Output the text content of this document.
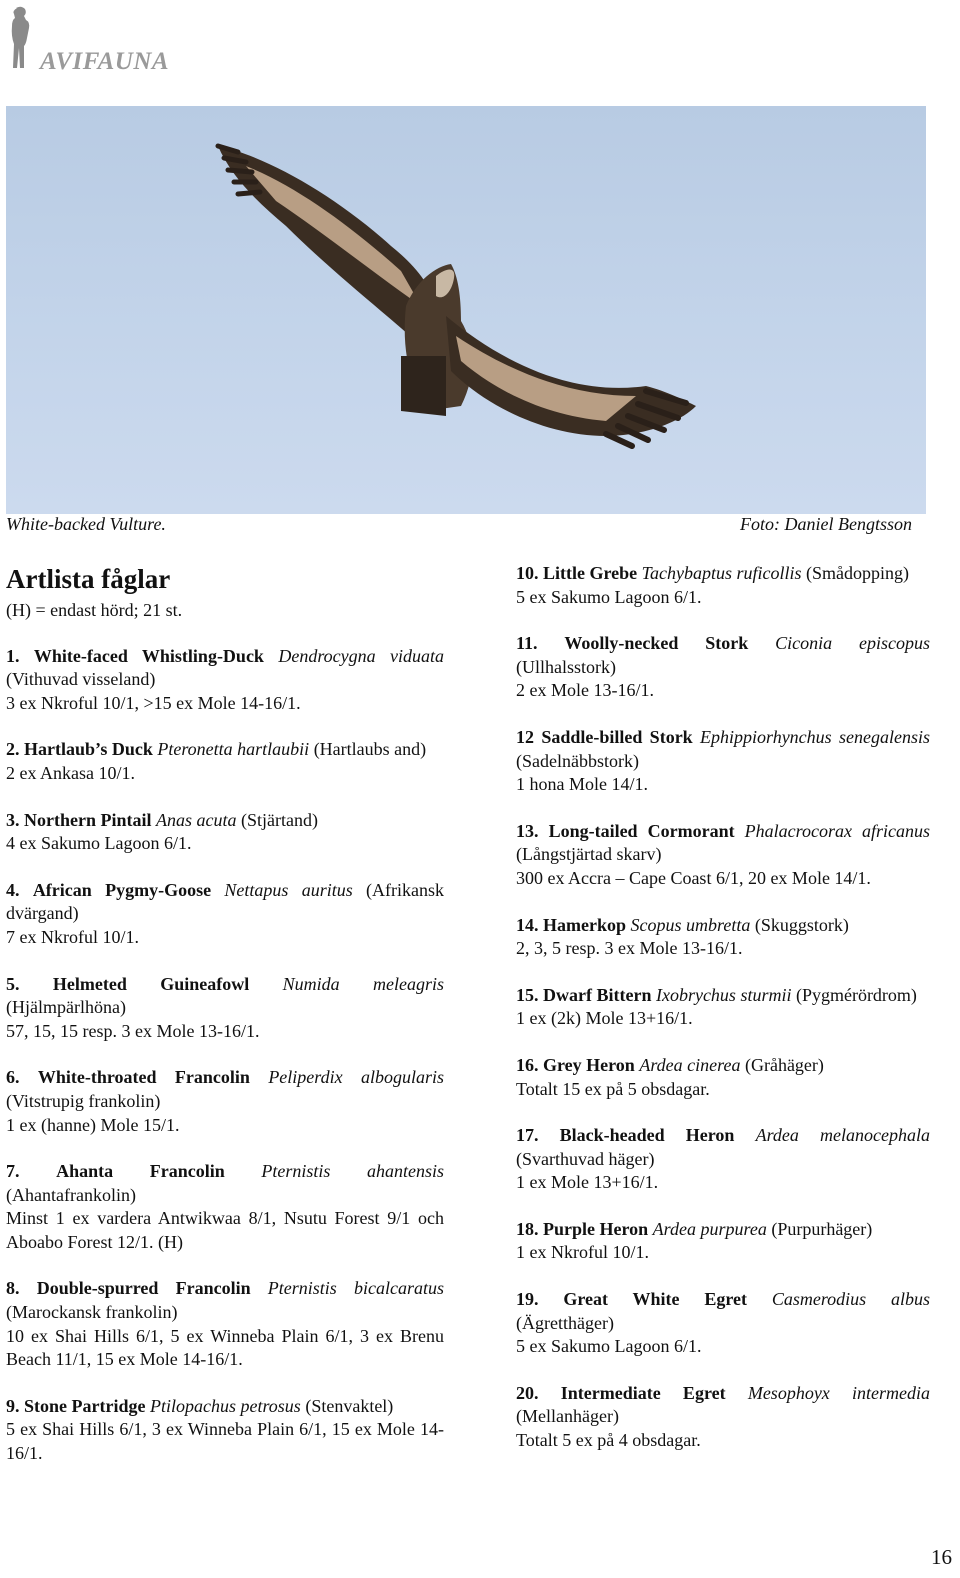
AVIFAUNA
White-backed Vulture.	Foto: Daniel Bengtsson
Artlista fåglar
(H) = endast hörd; 21 st.
1. White-faced Whistling-Duck Dendrocygna viduata (Vithuvad visseland)
3 ex Nkroful 10/1, >15 ex Mole 14-16/1.
2. Hartlaub’s Duck Pteronetta hartlaubii (Hartlaubs and)
2 ex Ankasa 10/1.
3. Northern Pintail Anas acuta (Stjärtand)
4 ex Sakumo Lagoon 6/1.
4. African Pygmy-Goose Nettapus auritus (Afrikansk dvärgand)
7 ex Nkroful 10/1.
5. Helmeted Guineafowl Numida meleagris (Hjälmpärlhöna)
57, 15, 15 resp. 3 ex Mole 13-16/1.
6. White-throated Francolin Peliperdix albogularis (Vitstrupig frankolin)
1 ex (hanne) Mole 15/1.
7. Ahanta Francolin Pternistis ahantensis (Ahantafrankolin)
Minst 1 ex vardera Antwikwaa 8/1, Nsutu Forest 9/1 och Aboabo Forest 12/1. (H)
8. Double-spurred Francolin Pternistis bicalcaratus (Marockansk frankolin)
10 ex Shai Hills 6/1, 5 ex Winneba Plain 6/1, 3 ex Brenu Beach 11/1, 15 ex Mole 14-16/1.
9. Stone Partridge Ptilopachus petrosus (Stenvaktel)
5 ex Shai Hills 6/1, 3 ex Winneba Plain 6/1, 15 ex Mole 14-16/1.
10. Little Grebe Tachybaptus ruficollis (Smådopping)
5 ex Sakumo Lagoon 6/1.
11. Woolly-necked Stork Ciconia episcopus (Ullhalsstork)
2 ex Mole 13-16/1.
12 Saddle-billed Stork Ephippiorhynchus senegalensis (Sadelnäbbstork)
1 hona Mole 14/1.
13. Long-tailed Cormorant Phalacrocorax africanus (Långstjärtad skarv)
300 ex Accra – Cape Coast 6/1, 20 ex Mole 14/1.
14. Hamerkop Scopus umbretta (Skuggstork)
2, 3, 5 resp. 3 ex Mole 13-16/1.
15. Dwarf Bittern Ixobrychus sturmii (Pygmérördrom)
1 ex (2k) Mole 13+16/1.
16. Grey Heron Ardea cinerea (Gråhäger)
Totalt 15 ex på 5 obsdagar.
17. Black-headed Heron Ardea melanocephala (Svarthuvad häger)
1 ex Mole 13+16/1.
18. Purple Heron Ardea purpurea (Purpurhäger)
1 ex Nkroful 10/1.
19. Great White Egret Casmerodius albus (Ägretthäger)
5 ex Sakumo Lagoon 6/1.
20. Intermediate Egret Mesophoyx intermedia (Mellanhäger)
Totalt 5 ex på 4 obsdagar.
16
